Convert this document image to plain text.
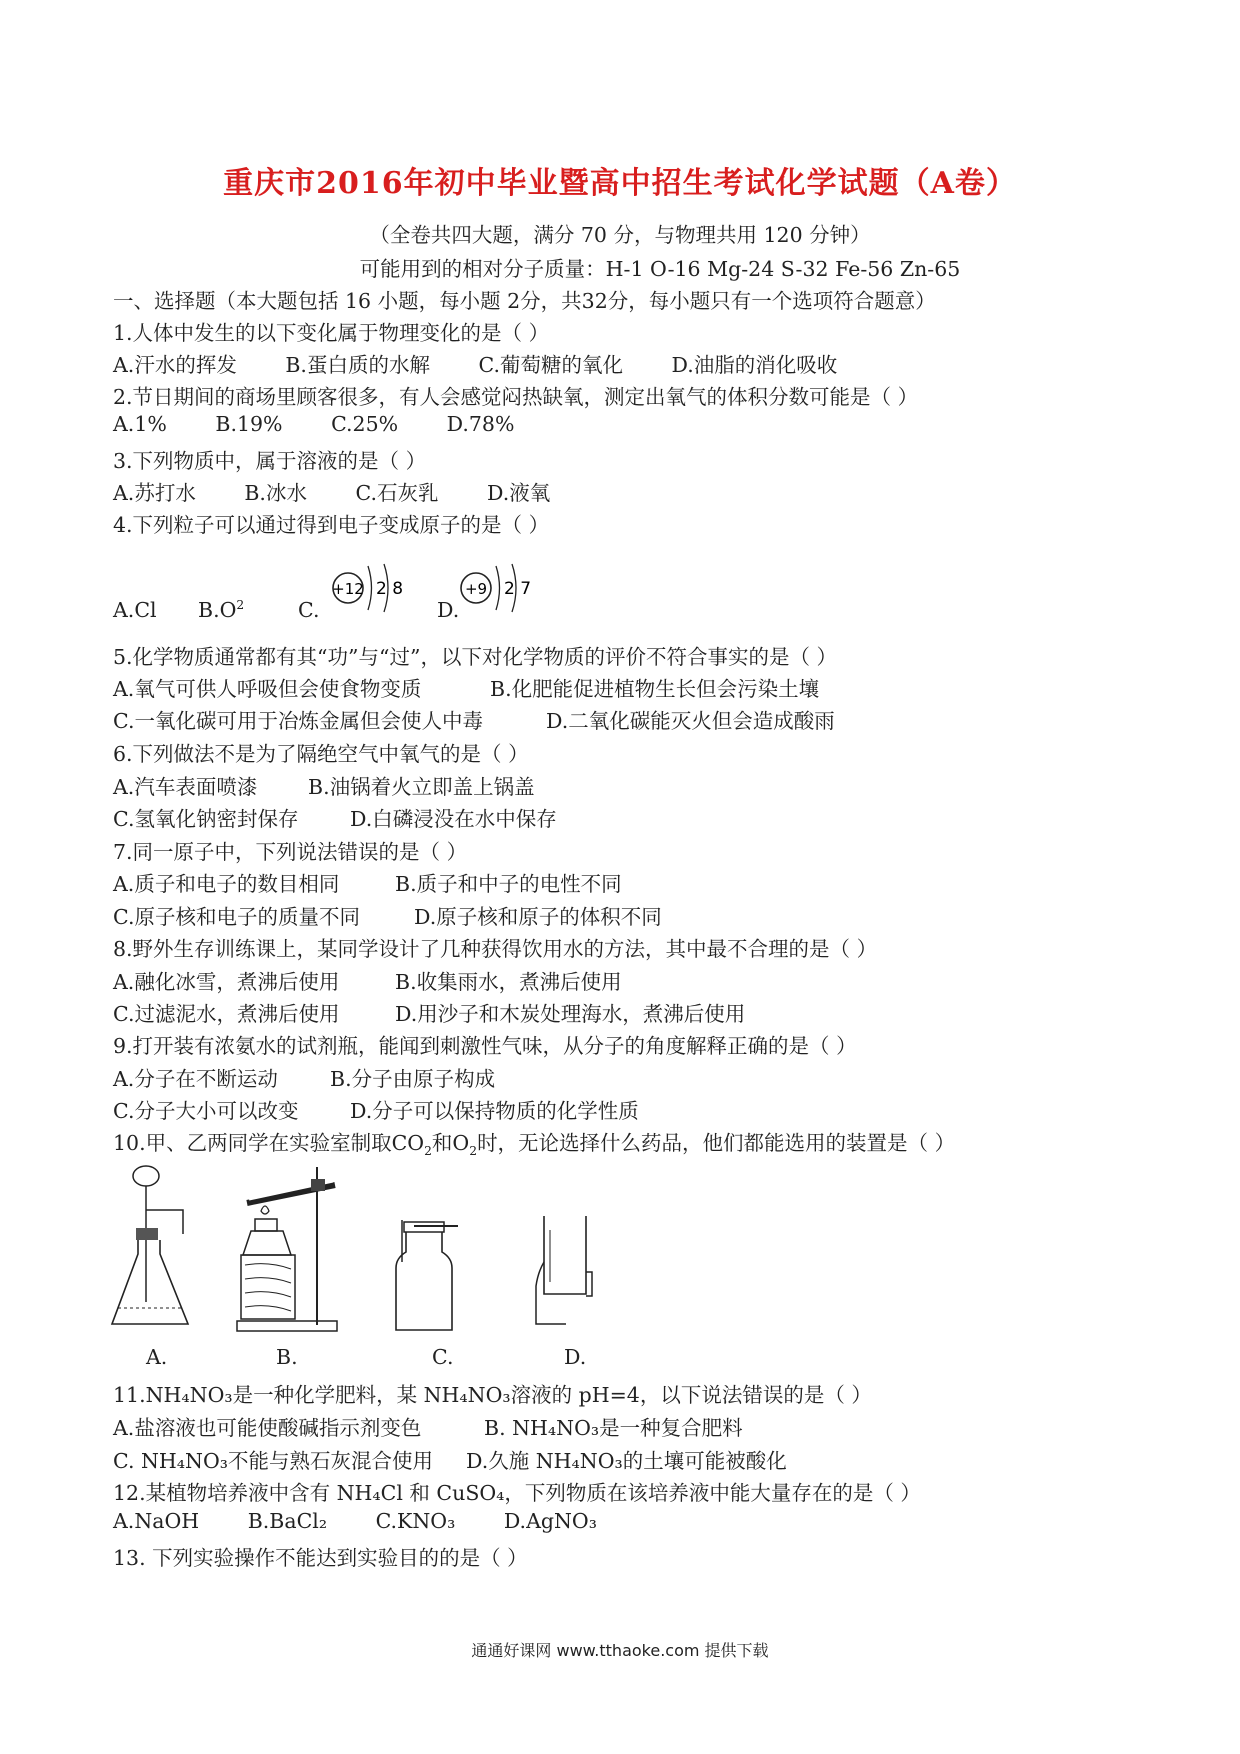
重庆市2016年初中毕业暨高中招生考试化学试题（A卷）
（全卷共四大题，满分 70 分，与物理共用 120 分钟）
可能用到的相对分子质量：H-1 O-16 Mg-24 S-32 Fe-56 Zn-65
一、选择题（本大题包括 16 小题，每小题 2分，共32分，每小题只有一个选项符合题意）
1.人体中发生的以下变化属于物理变化的是（ ）
A.汗水的挥发 B.蛋白质的水解 C.葡萄糖的氧化 D.油脂的消化吸收
2.节日期间的商场里顾客很多，有人会感觉闷热缺氧，测定出氧气的体积分数可能是（ ）
A.1% B.19% C.25% D.78%
3.下列物质中，属于溶液的是（ ）
A.苏打水 B.冰水 C.石灰乳 D.液氧
4.下列粒子可以通过得到电子变成原子的是（ ）
A.Cl $B.O^2$	C.	D.
+12 2 8	+9 2 7
5.化学物质通常都有其“功”与“过”，以下对化学物质的评价不符合事实的是（ ）
A.氧气可供人呼吸但会使食物变质	B.化肥能促进植物生长但会污染土壤
C.一氧化碳可用于冶炼金属但会使人中毒	D.二氧化碳能灭火但会造成酸雨
6.下列做法不是为了隔绝空气中氧气的是（ ）
A.汽车表面喷漆 B.油锅着火立即盖上锅盖
C.氢氧化钠密封保存	D.白磷浸没在水中保存
7.同一原子中，下列说法错误的是（ ）
A.质子和电子的数目相同	B.质子和中子的电性不同
C.原子核和电子的质量不同	D.原子核和原子的体积不同
8.野外生存训练课上，某同学设计了几种获得饮用水的方法，其中最不合理的是（ ）
A.融化冰雪，煮沸后使用	B.收集雨水，煮沸后使用
C.过滤泥水，煮沸后使用	D.用沙子和木炭处理海水，煮沸后使用
9.打开装有浓氨水的试剂瓶，能闻到刺激性气味，从分子的角度解释正确的是（ ）
A.分子在不断运动	B.分子由原子构成
C.分子大小可以改变	D.分子可以保持物质的化学性质
10.甲、乙两同学在实验室制取$CO_2$和$O_2$时，无论选择什么药品，他们都能选用的装置是（ ）
A.	B.	C.	D.
11.NH₄NO₃是一种化学肥料，某 NH₄NO₃溶液的 pH=4，以下说法错误的是（ ）
A.盐溶液也可能使酸碱指示剂变色	B. NH₄NO₃是一种复合肥料
C. NH₄NO₃不能与熟石灰混合使用 D.久施 NH₄NO₃的土壤可能被酸化
12.某植物培养液中含有 NH₄Cl 和 CuSO₄，下列物质在该培养液中能大量存在的是（ ）
A.NaOH B.BaCl₂ C.KNO₃ D.AgNO₃
13. 下列实验操作不能达到实验目的的是（ ）
通通好课网 www.tthaoke.com 提供下载
